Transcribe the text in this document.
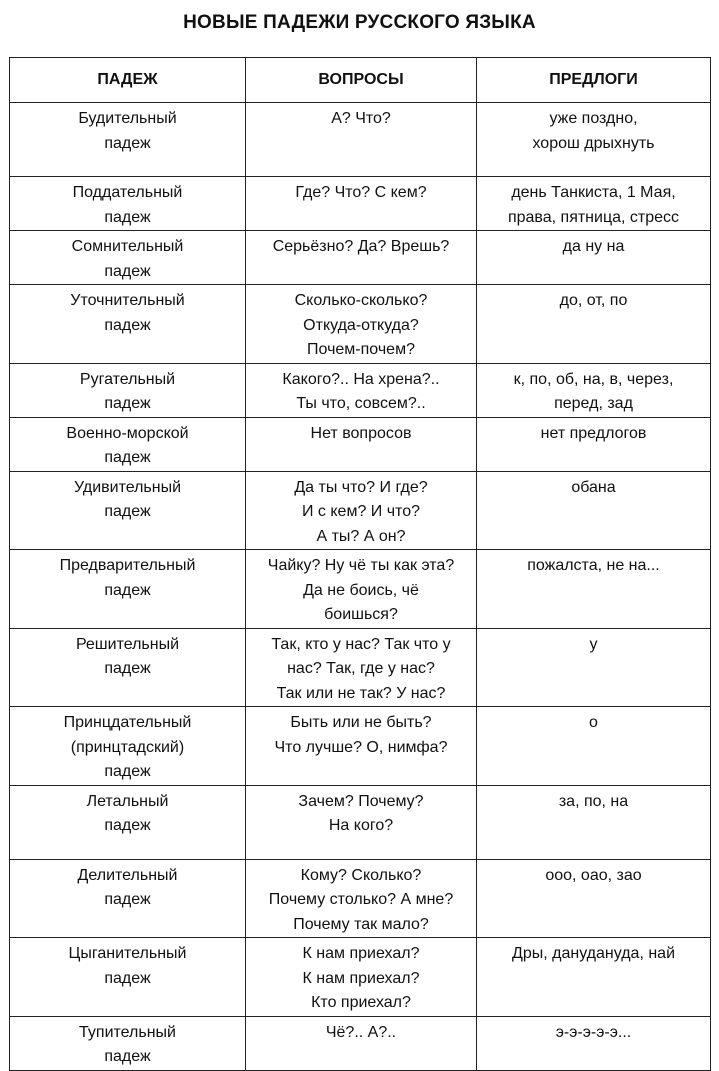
НОВЫЕ ПАДЕЖИ РУССКОГО ЯЗЫКА
ПАДЕЖ	ВОПРОСЫ	ПРЕДЛОГИ

Будительный
падеж	А? Что?	уже поздно,
хорош дрыхнуть

Поддательный
падеж	Где? Что? С кем?	день Танкиста, 1 Мая,
права, пятница, стресс

Сомнительный
падеж	Серьёзно? Да? Врешь?	да ну на

Уточнительный
падеж	Сколько-сколько?
Откуда-откуда?
Почем-почем?	до, от, по

Ругательный
падеж	Какого?.. На хрена?..
Ты что, совсем?..	к, по, об, на, в, через,
перед, зад

Военно-морской
падеж	Нет вопросов	нет предлогов

Удивительный
падеж	Да ты что? И где?
И с кем? И что?
А ты? А он?	обана

Предварительный
падеж	Чайку? Ну чё ты как эта?
Да не боись, чё
боишься?	пожалста, не на...

Решительный
падеж	Так, кто у нас? Так что у
нас? Так, где у нас?
Так или не так? У нас?	у

Принцдательный
(принцтадский)
падеж	Быть или не быть?
Что лучше? О, нимфа?	о

Летальный
падеж	Зачем? Почему?
На кого?	за, по, на

Делительный
падеж	Кому? Сколько?
Почему столько? А мне?
Почему так мало?	ооо, оао, зао

Цыганительный
падеж	К нам приехал?
К нам приехал?
Кто приехал?	Дры, данудануда, най

Тупительный
падеж	Чё?.. А?..	э-э-э-э-э...
